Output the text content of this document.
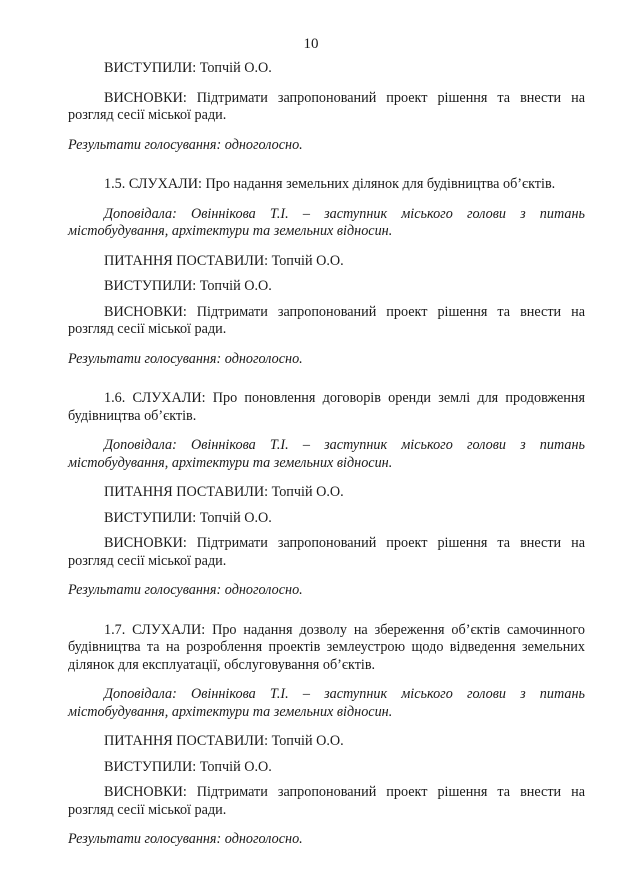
10

ВИСТУПИЛИ: Топчій О.О.

ВИСНОВКИ: Підтримати запропонований проект рішення та внести на розгляд сесії міської ради.

Результати голосування: одноголосно.

1.5. СЛУХАЛИ: Про надання земельних ділянок для будівництва об’єктів.

Доповідала: Овіннікова Т.І. – заступник міського голови з питань містобудування, архітектури та земельних відносин.

ПИТАННЯ ПОСТАВИЛИ: Топчій О.О.

ВИСТУПИЛИ: Топчій О.О.

ВИСНОВКИ: Підтримати запропонований проект рішення та внести на розгляд сесії міської ради.

Результати голосування: одноголосно.

1.6. СЛУХАЛИ: Про поновлення договорів оренди землі для продовження будівництва об’єктів.

Доповідала: Овіннікова Т.І. – заступник міського голови з питань містобудування, архітектури та земельних відносин.

ПИТАННЯ ПОСТАВИЛИ: Топчій О.О.

ВИСТУПИЛИ: Топчій О.О.

ВИСНОВКИ: Підтримати запропонований проект рішення та внести на розгляд сесії міської ради.

Результати голосування: одноголосно.

1.7. СЛУХАЛИ: Про надання дозволу на збереження об’єктів самочинного будівництва та на розроблення проектів землеустрою щодо відведення земельних ділянок для експлуатації, обслуговування об’єктів.

Доповідала: Овіннікова Т.І. – заступник міського голови з питань містобудування, архітектури та земельних відносин.

ПИТАННЯ ПОСТАВИЛИ: Топчій О.О.

ВИСТУПИЛИ: Топчій О.О.

ВИСНОВКИ: Підтримати запропонований проект рішення та внести на розгляд сесії міської ради.

Результати голосування: одноголосно.
